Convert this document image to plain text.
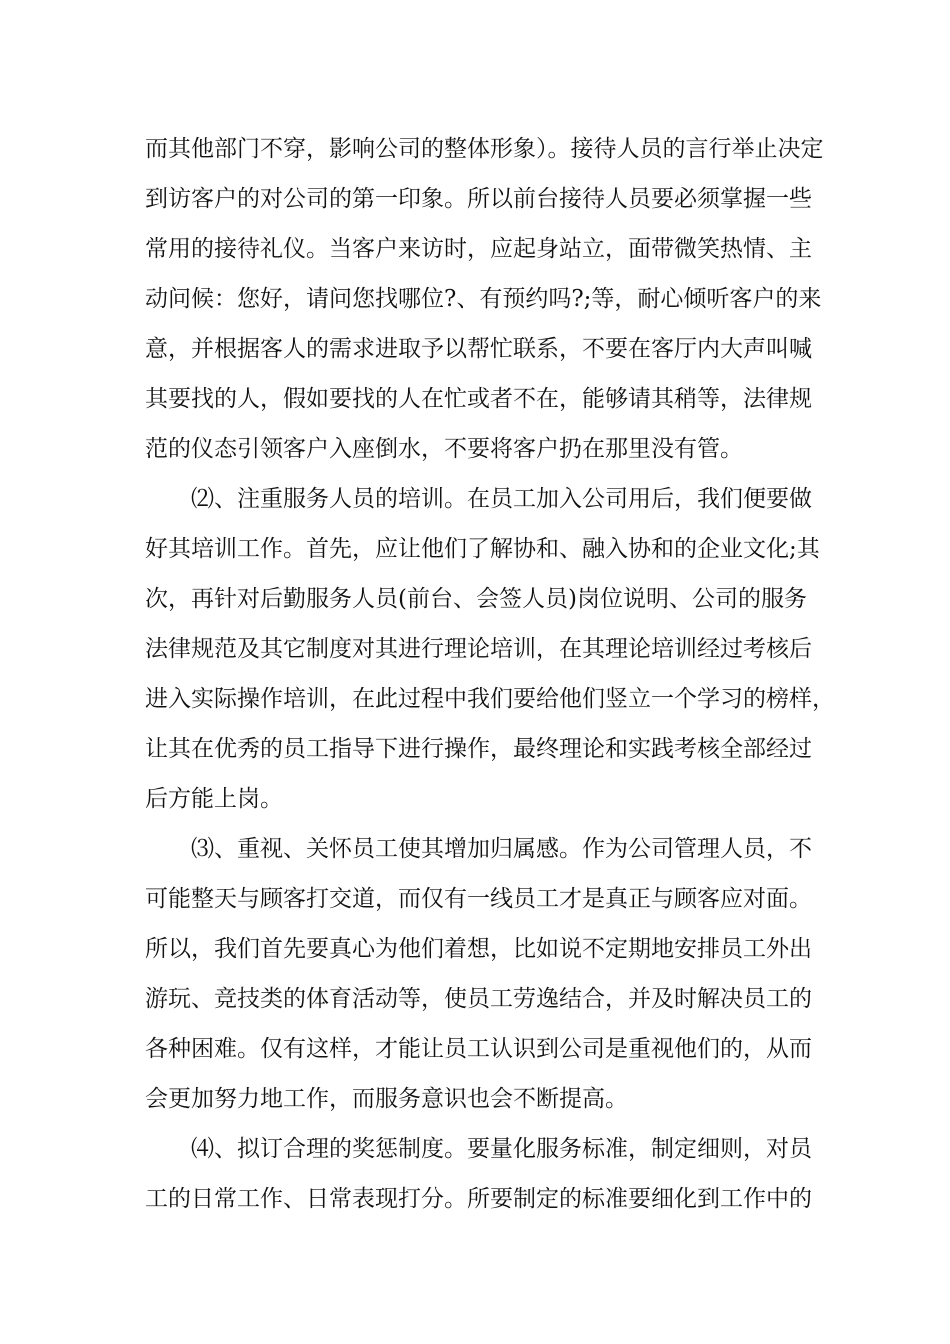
而其他部门不穿，影响公司的整体形象）。接待人员的言行举止决定
到访客户的对公司的第一印象。所以前台接待人员要必须掌握一些
常用的接待礼仪。当客户来访时，应起身站立，面带微笑热情、主
动问候：您好，请问您找哪位?、有预约吗?;等，耐心倾听客户的来
意，并根据客人的需求进取予以帮忙联系，不要在客厅内大声叫喊
其要找的人，假如要找的人在忙或者不在，能够请其稍等，法律规
范的仪态引领客户入座倒水，不要将客户扔在那里没有管。
⑵、注重服务人员的培训。在员工加入公司用后，我们便要做
好其培训工作。首先，应让他们了解协和、融入协和的企业文化;其
次，再针对后勤服务人员(前台、会签人员)岗位说明、公司的服务
法律规范及其它制度对其进行理论培训，在其理论培训经过考核后
进入实际操作培训，在此过程中我们要给他们竖立一个学习的榜样，
让其在优秀的员工指导下进行操作，最终理论和实践考核全部经过
后方能上岗。
⑶、重视、关怀员工使其增加归属感。作为公司管理人员，不
可能整天与顾客打交道，而仅有一线员工才是真正与顾客应对面。
所以，我们首先要真心为他们着想，比如说不定期地安排员工外出
游玩、竞技类的体育活动等，使员工劳逸结合，并及时解决员工的
各种困难。仅有这样，才能让员工认识到公司是重视他们的，从而
会更加努力地工作，而服务意识也会不断提高。
⑷、拟订合理的奖惩制度。要量化服务标准，制定细则，对员
工的日常工作、日常表现打分。所要制定的标准要细化到工作中的
